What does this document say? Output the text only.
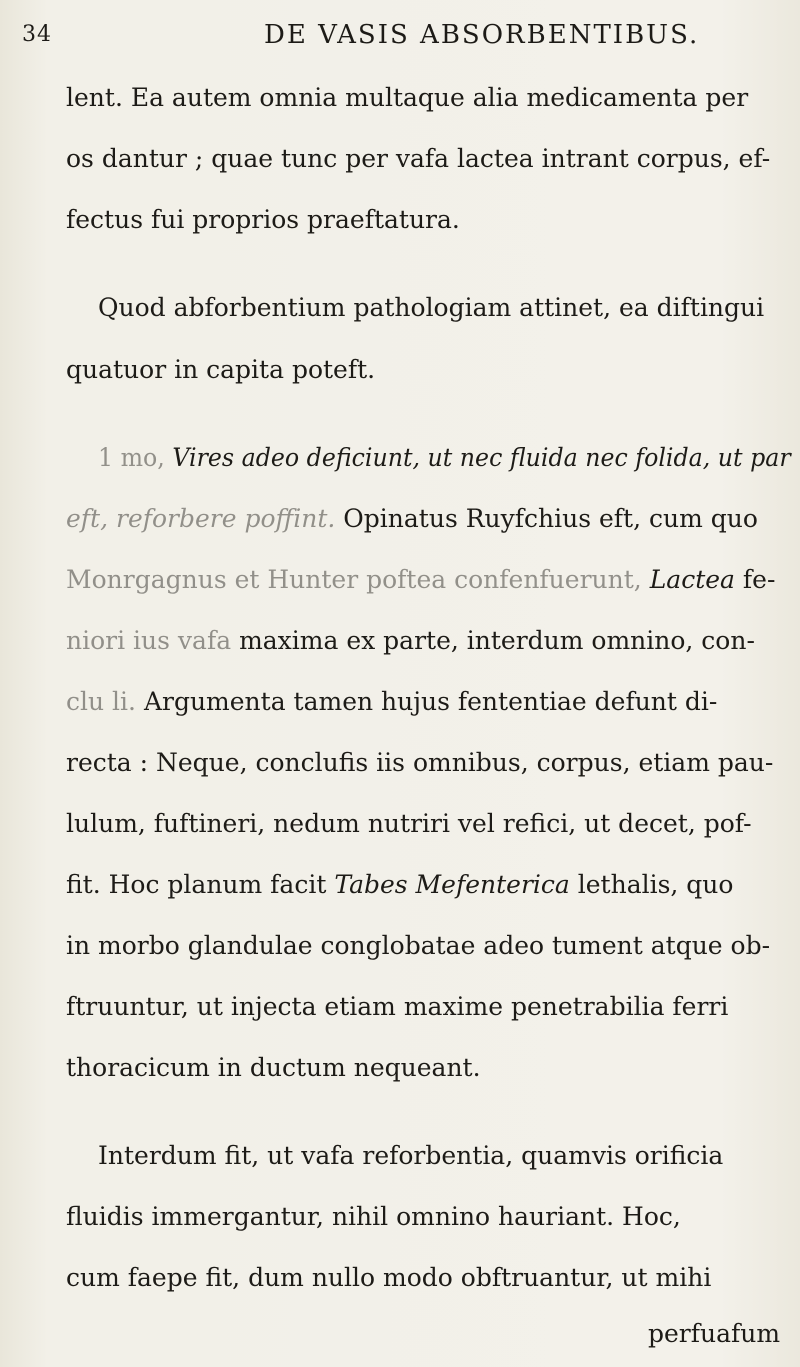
34	DE VASIS ABSORBENTIBUS.
lent. Ea autem omnia multaque alia medicamenta per
os dantur ; quae tunc per vafa lactea intrant corpus, ef-
fectus fui proprios praeftatura.
Quod abforbentium pathologiam attinet, ea diftingui
quatuor in capita poteft.
1 mo, Vires adeo deficiunt, ut nec fluida nec folida, ut par
eft, reforbere poffint. Opinatus Ruyfchius eft, cum quo
Monrgagnus et Hunter poftea confenfuerunt, Lactea fe-
niori ius vafa maxima ex parte, interdum omnino, con-
clu li. Argumenta tamen hujus fententiae defunt di-
recta : Neque, conclufis iis omnibus, corpus, etiam pau-
lulum, fuftineri, nedum nutriri vel refici, ut decet, pof-
fit. Hoc planum facit Tabes Mefenterica lethalis, quo
in morbo glandulae conglobatae adeo tument atque ob-
ftruuntur, ut injecta etiam maxime penetrabilia ferri
thoracicum in ductum nequeant.
Interdum fit, ut vafa reforbentia, quamvis orificia
fluidis immergantur, nihil omnino hauriant. Hoc,
cum faepe fit, dum nullo modo obftruantur, ut mihi
perfuafum
